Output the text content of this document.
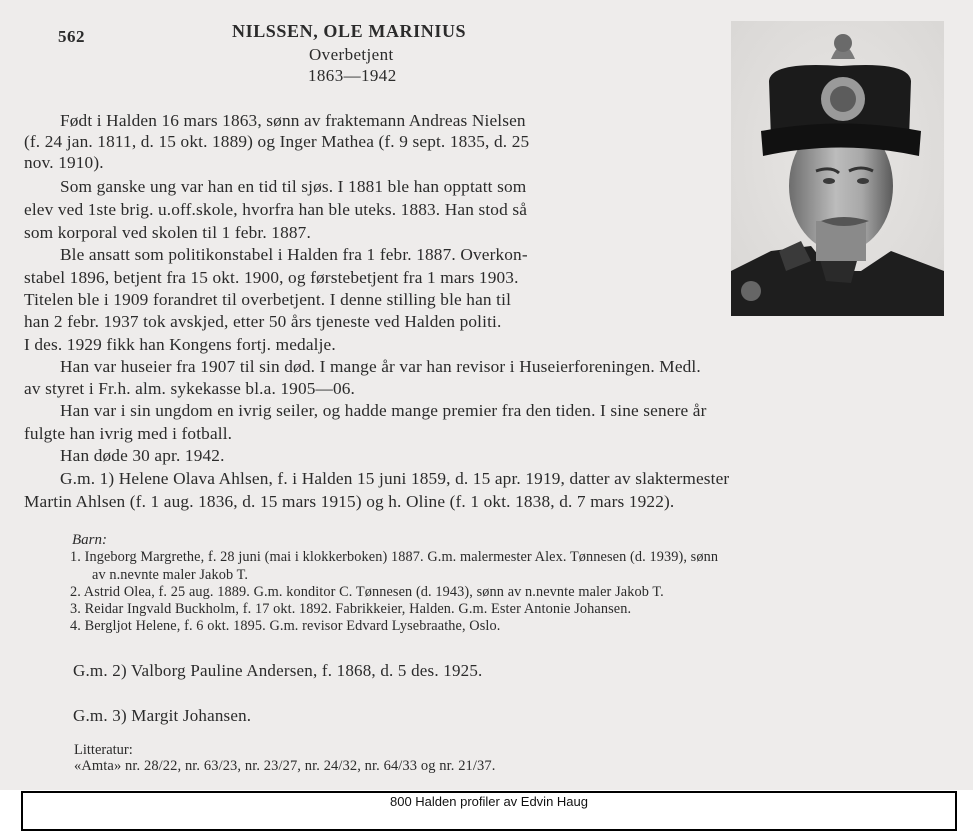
562	NILSSEN, OLE MARINIUS
Overbetjent
1863—1942
Født i Halden 16 mars 1863, sønn av fraktemann Andreas Nielsen
(f. 24 jan. 1811, d. 15 okt. 1889) og Inger Mathea (f. 9 sept. 1835, d. 25
nov. 1910).
Som ganske ung var han en tid til sjøs. I 1881 ble han opptatt som
elev ved 1ste brig. u.off.skole, hvorfra han ble uteks. 1883. Han stod så
som korporal ved skolen til 1 febr. 1887.
Ble ansatt som politikonstabel i Halden fra 1 febr. 1887. Overkon-
stabel 1896, betjent fra 15 okt. 1900, og førstebetjent fra 1 mars 1903.
Titelen ble i 1909 forandret til overbetjent. I denne stilling ble han til
han 2 febr. 1937 tok avskjed, etter 50 års tjeneste ved Halden politi.
I des. 1929 fikk han Kongens fortj. medalje.
Han var huseier fra 1907 til sin død. I mange år var han revisor i Huseierforeningen. Medl.
av styret i Fr.h. alm. sykekasse bl.a. 1905—06.
Han var i sin ungdom en ivrig seiler, og hadde mange premier fra den tiden. I sine senere år
fulgte han ivrig med i fotball.
Han døde 30 apr. 1942.
G.m. 1) Helene Olava Ahlsen, f. i Halden 15 juni 1859, d. 15 apr. 1919, datter av slaktermester
Martin Ahlsen (f. 1 aug. 1836, d. 15 mars 1915) og h. Oline (f. 1 okt. 1838, d. 7 mars 1922).
Barn:
1. Ingeborg Margrethe, f. 28 juni (mai i klokkerboken) 1887. G.m. malermester Alex. Tønnesen (d. 1939), sønn
av n.nevnte maler Jakob T.
2. Astrid Olea, f. 25 aug. 1889. G.m. konditor C. Tønnesen (d. 1943), sønn av n.nevnte maler Jakob T.
3. Reidar Ingvald Buckholm, f. 17 okt. 1892. Fabrikkeier, Halden. G.m. Ester Antonie Johansen.
4. Bergljot Helene, f. 6 okt. 1895. G.m. revisor Edvard Lysebraathe, Oslo.
G.m. 2) Valborg Pauline Andersen, f. 1868, d. 5 des. 1925.
G.m. 3) Margit Johansen.
Litteratur:
«Amta» nr. 28/22, nr. 63/23, nr. 23/27, nr. 24/32, nr. 64/33 og nr. 21/37.
800 Halden profiler av Edvin Haug
